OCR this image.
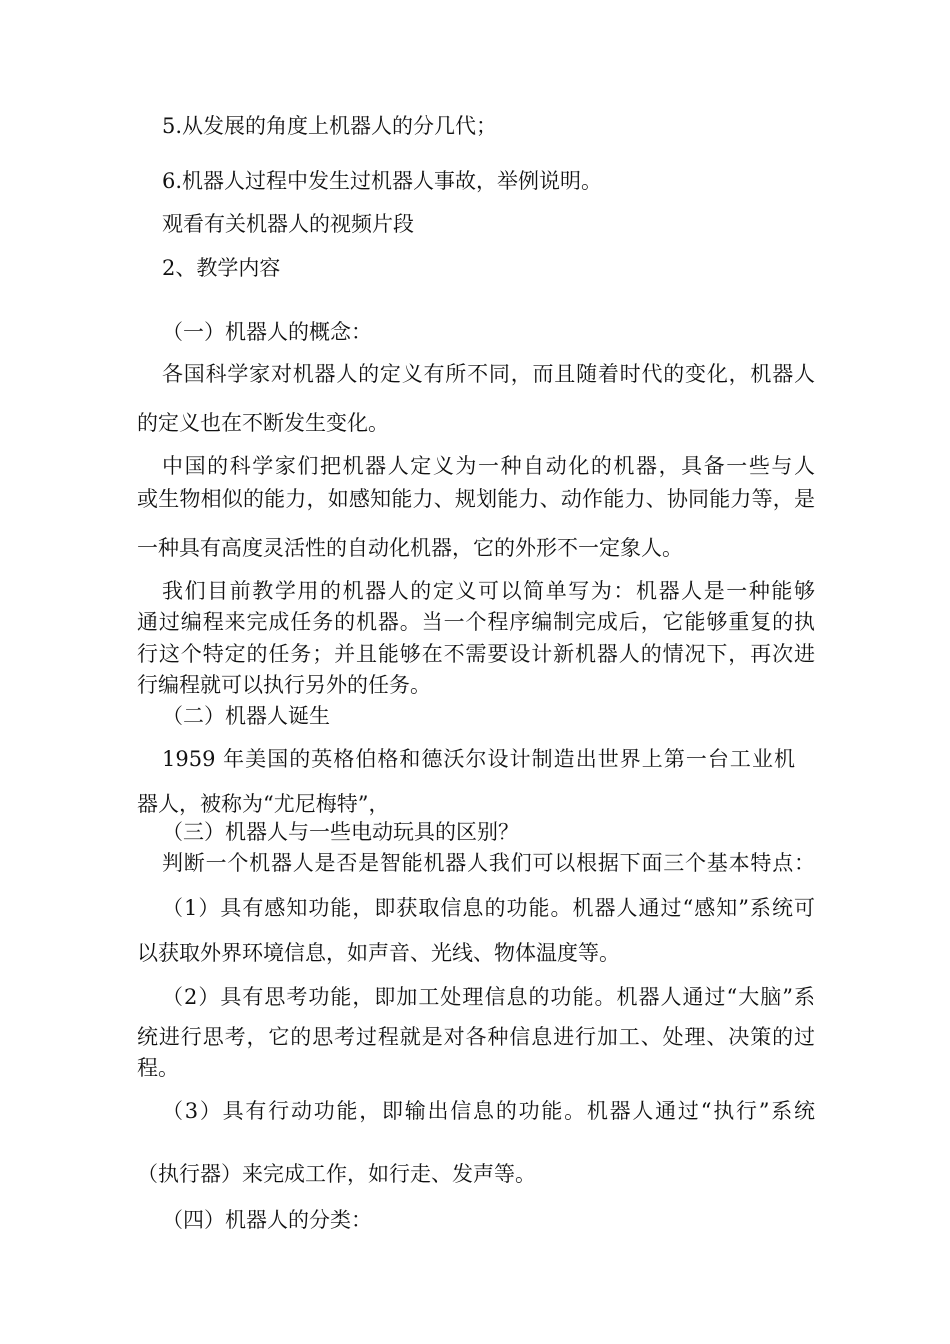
5.从发展的角度上机器人的分几代；
6.机器人过程中发生过机器人事故，举例说明。
观看有关机器人的视频片段
2、教学内容
（一）机器人的概念：
各国科学家对机器人的定义有所不同，而且随着时代的变化，机器人
的定义也在不断发生变化。
中国的科学家们把机器人定义为一种自动化的机器，具备一些与人
或生物相似的能力，如感知能力、规划能力、动作能力、协同能力等，是
一种具有高度灵活性的自动化机器，它的外形不一定象人。
我们目前教学用的机器人的定义可以简单写为：机器人是一种能够
通过编程来完成任务的机器。当一个程序编制完成后，它能够重复的执
行这个特定的任务；并且能够在不需要设计新机器人的情况下，再次进
行编程就可以执行另外的任务。
（二）机器人诞生
1959 年美国的英格伯格和德沃尔设计制造出世界上第一台工业机
器人，被称为“尤尼梅特”，
（三）机器人与一些电动玩具的区别？
判断一个机器人是否是智能机器人我们可以根据下面三个基本特点：
（1）具有感知功能，即获取信息的功能。机器人通过“感知”系统可
以获取外界环境信息，如声音、光线、物体温度等。
（2）具有思考功能，即加工处理信息的功能。机器人通过“大脑”系
统进行思考，它的思考过程就是对各种信息进行加工、处理、决策的过
程。
（3）具有行动功能，即输出信息的功能。机器人通过“执行”系统
（执行器）来完成工作，如行走、发声等。
（四）机器人的分类：
